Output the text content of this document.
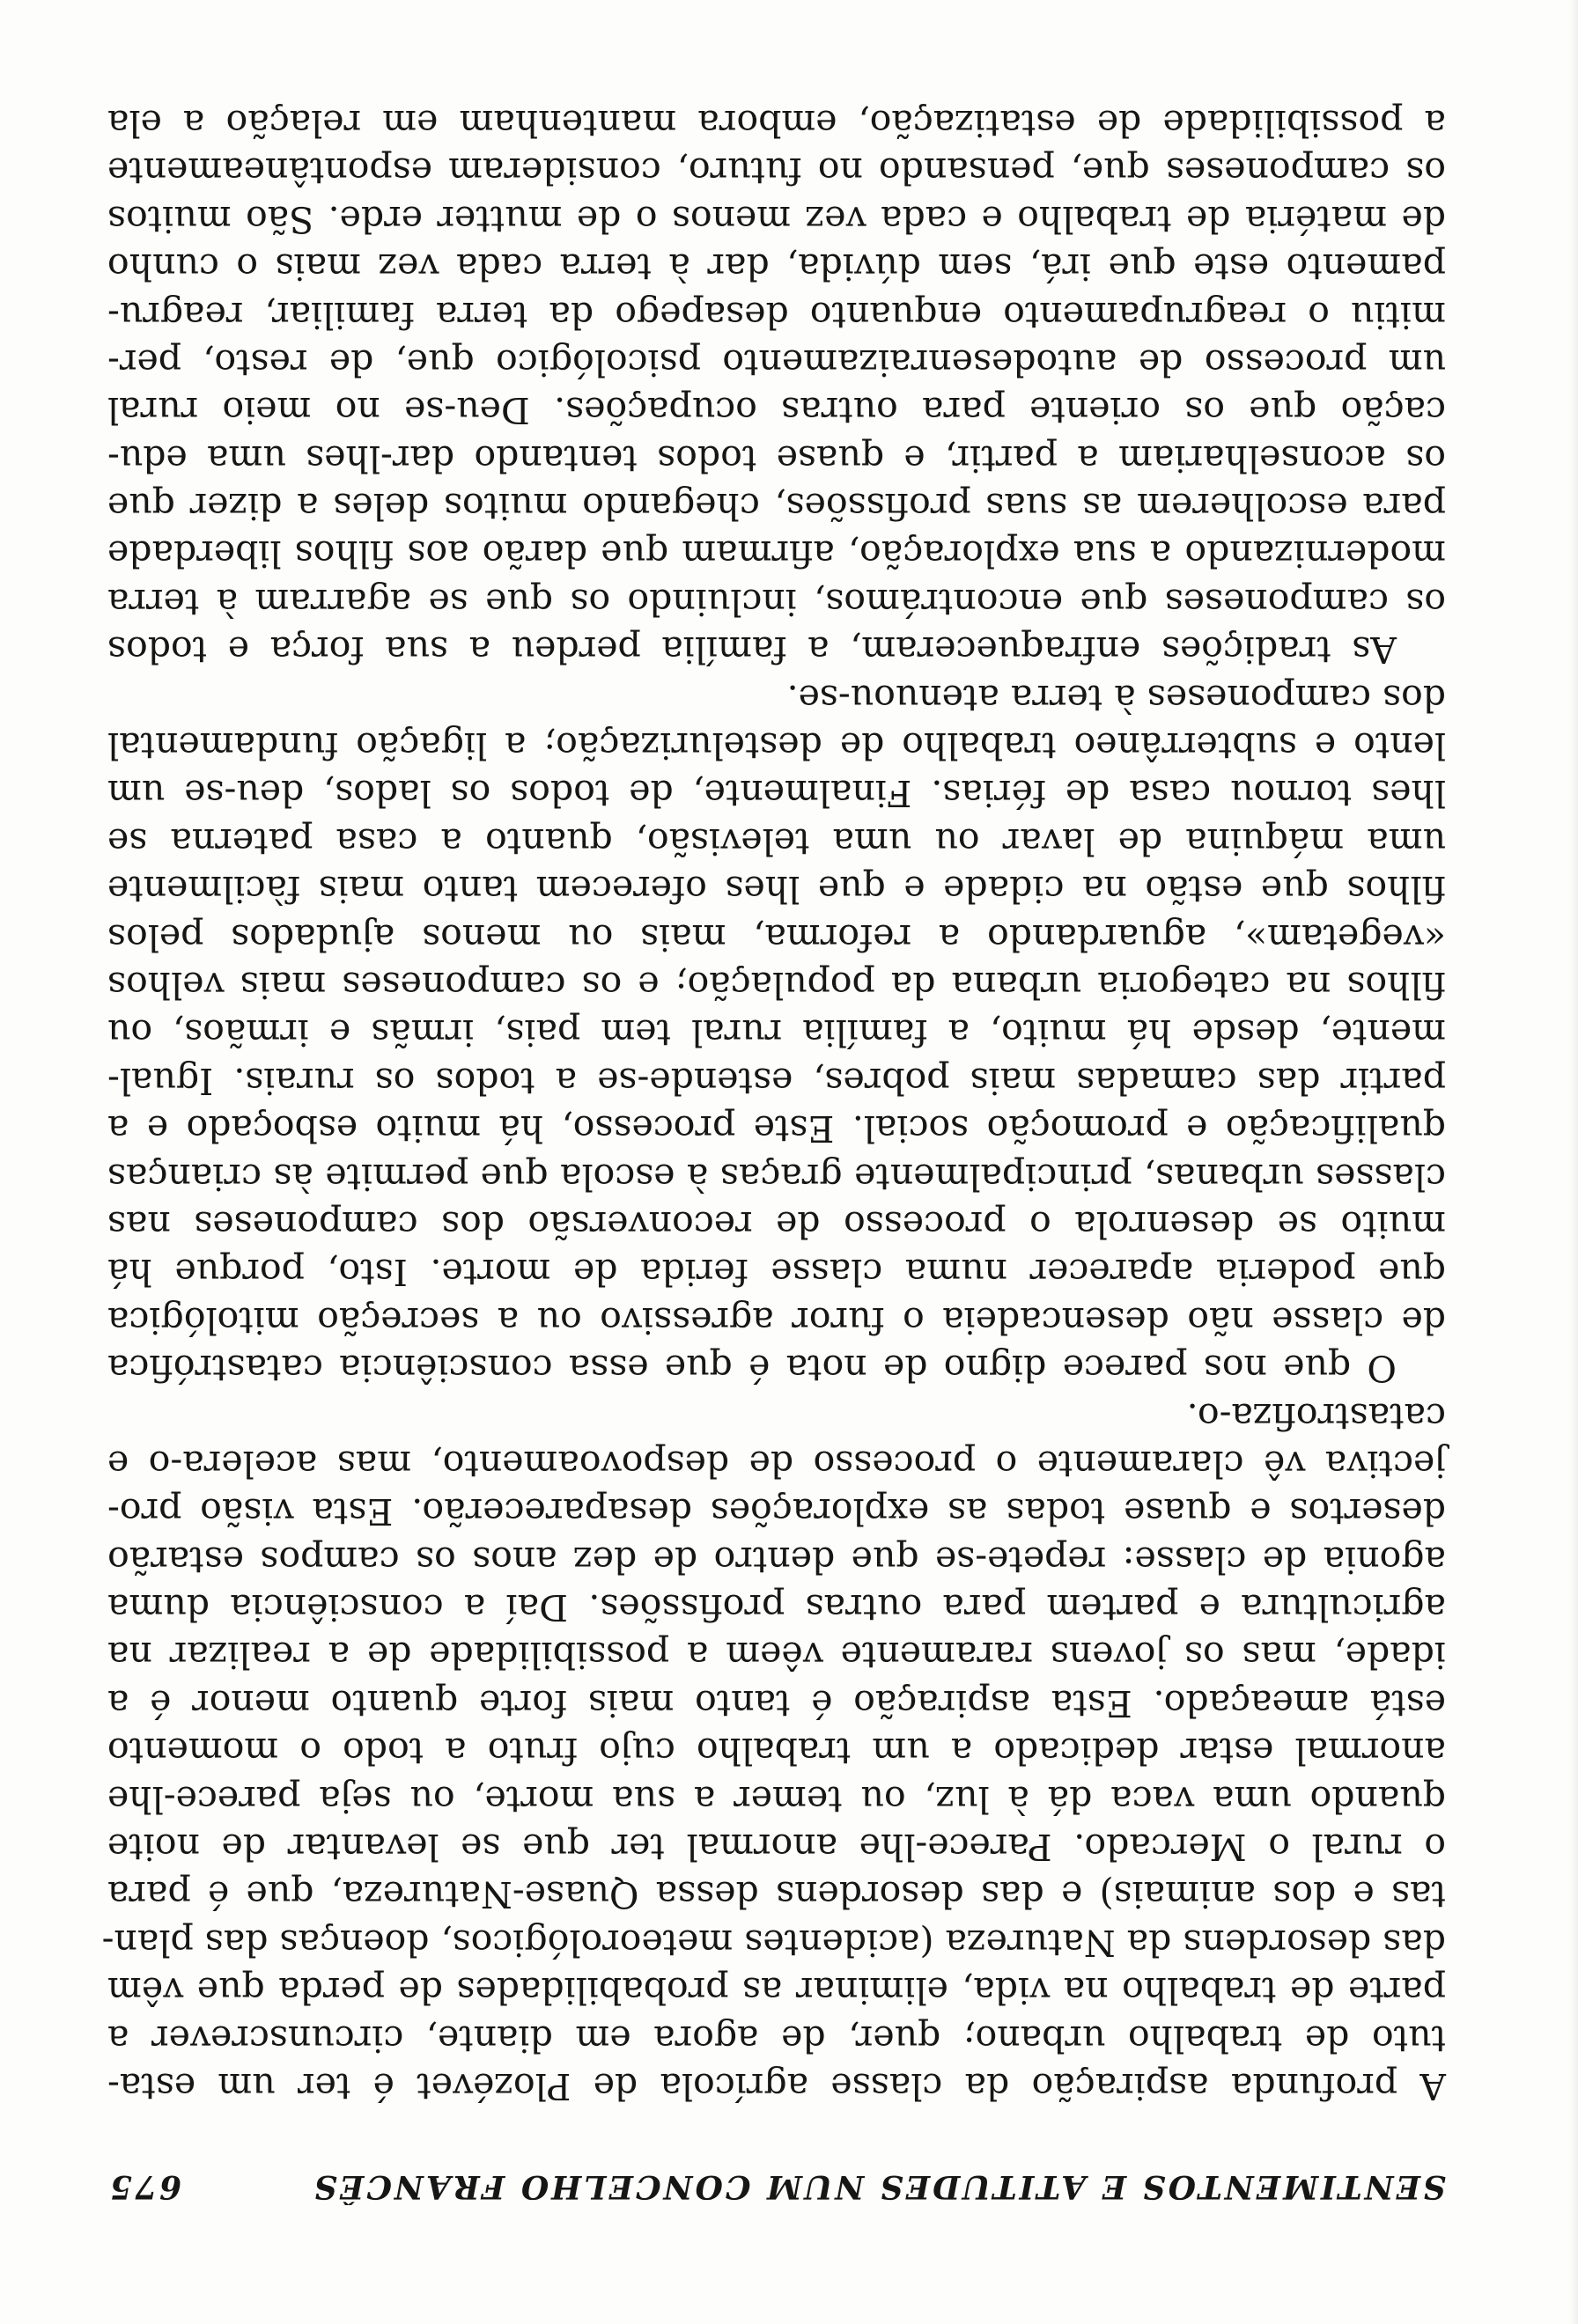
SENTIMENTOS E ATITUDES NUM CONCELHO FRANCÊS
675

A profunda aspiração da classe agrícola de Plozévet é ter um esta-
tuto de trabalho urbano; quer, de agora em diante, circunscrever a
parte de trabalho na vida, eliminar as probabilidades de perda que vêm
das desordens da Natureza (acidentes meteorológicos, doenças das plan-
tas e dos animais) e das desordens dessa Quase-Natureza, que é para
o rural o Mercado. Parece-lhe anormal ter que se levantar de noite
quando uma vaca dá à luz, ou temer a sua morte, ou seja parece-lhe
anormal estar dedicado a um trabalho cujo fruto a todo o momento
está ameaçado. Esta aspiração é tanto mais forte quanto menor é a
idade, mas os jovens raramente vêem a possibilidade de a realizar na
agricultura e partem para outras profissões. Daí a consciência duma
agonia de classe: repete-se que dentro de dez anos os campos estarão
desertos e quase todas as explorações desaparecerão. Esta visão pro-
jectiva vê claramente o processo de despovoamento, mas acelera-o e
catastrofiza-o.

O que nos parece digno de nota é que essa consciência catastrófica
de classe não desencadeia o furor agressivo ou a secreção mitológica
que poderia aparecer numa classe ferida de morte. Isto, porque há
muito se desenrola o processo de reconversão dos camponeses nas
classes urbanas, principalmente graças à escola que permite às crianças
qualificação e promoção social. Este processo, há muito esboçado e a
partir das camadas mais pobres, estende-se a todos os rurais. Igual-
mente, desde há muito, a família rural tem pais, irmãs e irmãos, ou
filhos na categoria urbana da população; e os camponeses mais velhos
«vegetam», aguardando a reforma, mais ou menos ajudados pelos
filhos que estão na cidade e que lhes oferecem tanto mais fàcilmente
uma máquina de lavar ou uma televisão, quanto a casa paterna se
lhes tornou casa de férias. Finalmente, de todos os lados, deu-se um
lento e subterrâneo trabalho de destelurização; a ligação fundamental
dos camponeses à terra atenuou-se.

As tradições enfraqueceram, a família perdeu a sua força e todos
os camponeses que encontrámos, incluindo os que se agarram à terra
modernizando a sua exploração, afirmam que darão aos filhos liberdade
para escolherem as suas profissões, chegando muitos deles a dizer que
os aconselhariam a partir, e quase todos tentando dar-lhes uma edu-
cação que os oriente para outras ocupações. Deu-se no meio rural
um processo de autodesenraizamento psicológico que, de resto, per-
mitiu o reagrupamento enquanto desapego da terra familiar, reagru-
pamento este que irá, sem dúvida, dar à terra cada vez mais o cunho
de matéria de trabalho e cada vez menos o de mutter erde. São muitos
os camponeses que, pensando no futuro, consideram espontâneamente
a possibilidade de estatização, embora mantenham em relação a ela
